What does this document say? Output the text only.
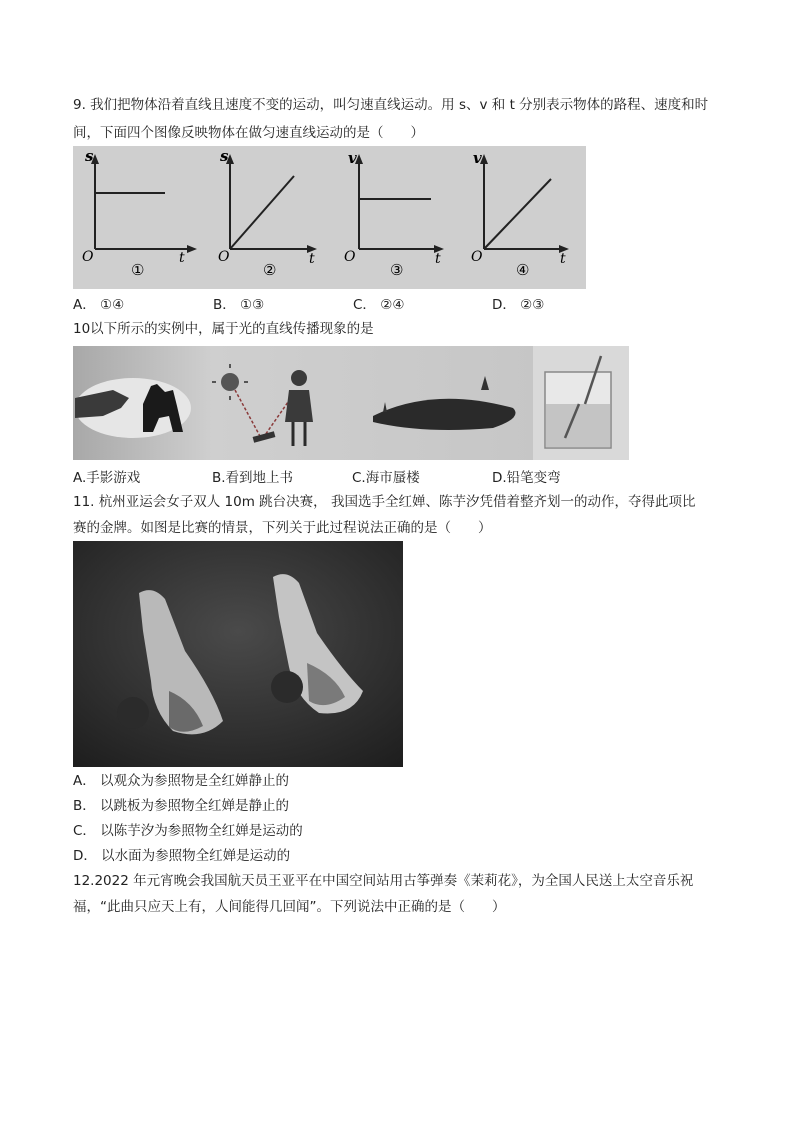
9. 我们把物体沿着直线且速度不变的运动，叫匀速直线运动。用 s、v 和 t 分别表示物体的路程、速度和时
间，下面四个图像反映物体在做匀速直线运动的是（　　）
s
O	t
①
s
O	t
②
v
O	t
③
v
O	t
④
A． ①④	B． ①③	C． ②④	D． ②③
10以下所示的实例中，属于光的直线传播现象的是
A.手影游戏	B.看到地上书	C.海市蜃楼	D.铅笔变弯
11. 杭州亚运会女子双人 10m 跳台决赛， 我国选手全红婵、陈芋汐凭借着整齐划一的动作，夺得此项比
赛的金牌。如图是比赛的情景，下列关于此过程说法正确的是（　　）
A． 以观众为参照物是全红婵静止的
B． 以跳板为参照物全红婵是静止的
C． 以陈芋汐为参照物全红婵是运动的
D． 以水面为参照物全红婵是运动的
12.2022 年元宵晚会我国航天员王亚平在中国空间站用古筝弹奏《茉莉花》，为全国人民送上太空音乐祝
福，“此曲只应天上有，人间能得几回闻”。下列说法中正确的是（　　）
